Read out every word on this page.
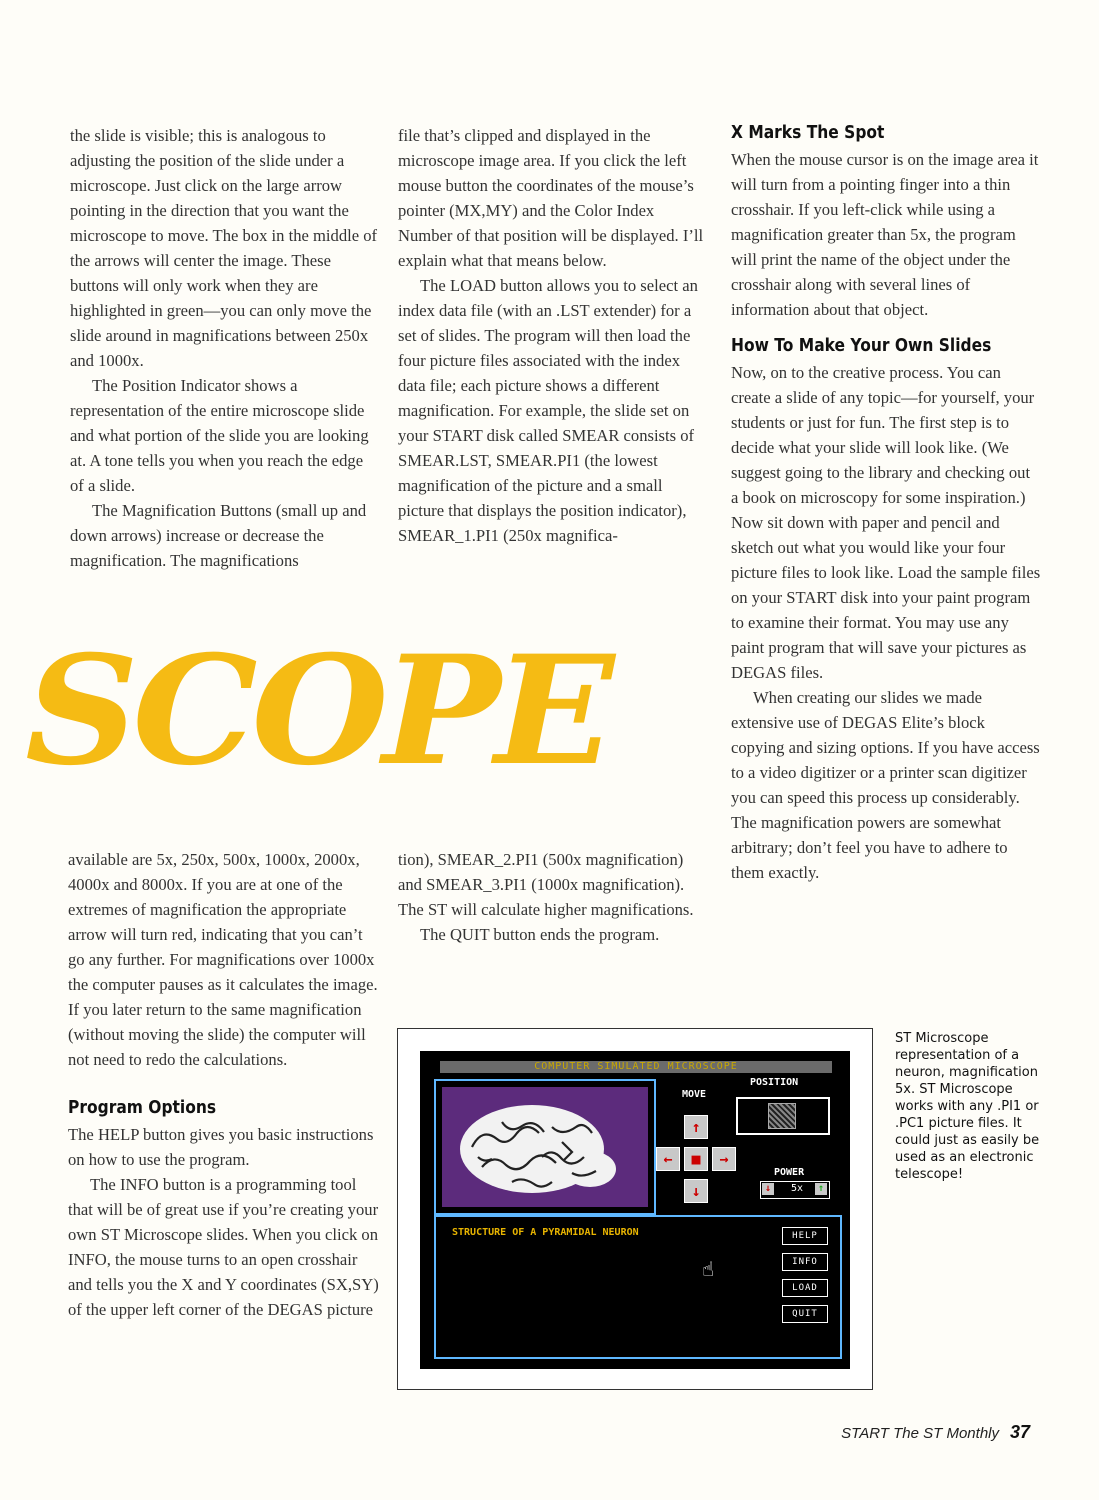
the slide is visible; this is analogous to adjusting the position of the slide under a microscope. Just click on the large arrow pointing in the direction that you want the microscope to move. The box in the middle of the arrows will center the image. These buttons will only work when they are highlighted in green—you can only move the slide around in magnifications between 250x and 1000x.

The Position Indicator shows a representation of the entire microscope slide and what portion of the slide you are looking at. A tone tells you when you reach the edge of a slide.

The Magnification Buttons (small up and down arrows) increase or decrease the magnification. The magnifications

file that’s clipped and displayed in the microscope image area. If you click the left mouse button the coordinates of the mouse’s pointer (MX,MY) and the Color Index Number of that position will be displayed. I’ll explain what that means below.

The LOAD button allows you to select an index data file (with an .LST extender) for a set of slides. The program will then load the four picture files associated with the index data file; each picture shows a different magnification. For example, the slide set on your START disk called SMEAR consists of SMEAR.LST, SMEAR.PI1 (the lowest magnification of the picture and a small picture that displays the position indicator), SMEAR_1.PI1 (250x magnifica-

X Marks The Spot

When the mouse cursor is on the image area it will turn from a pointing finger into a thin crosshair. If you left-click while using a magnification greater than 5x, the program will print the name of the object under the crosshair along with several lines of information about that object.

How To Make Your Own Slides

Now, on to the creative process. You can create a slide of any topic—for yourself, your students or just for fun. The first step is to decide what your slide will look like. (We suggest going to the library and checking out a book on microscopy for some inspiration.) Now sit down with paper and pencil and sketch out what you would like your four picture files to look like. Load the sample files on your START disk into your paint program to examine their format. You may use any paint program that will save your pictures as DEGAS files.

When creating our slides we made extensive use of DEGAS Elite’s block copying and sizing options. If you have access to a video digitizer or a printer scan digitizer you can speed this process up considerably. The magnification powers are somewhat arbitrary; don’t feel you have to adhere to them exactly.

SCOPE

available are 5x, 250x, 500x, 1000x, 2000x, 4000x and 8000x. If you are at one of the extremes of magnification the appropriate arrow will turn red, indicating that you can’t go any further. For magnifications over 1000x the computer pauses as it calculates the image. If you later return to the same magnification (without moving the slide) the computer will not need to redo the calculations.

Program Options

The HELP button gives you basic instructions on how to use the program.

The INFO button is a programming tool that will be of great use if you’re creating your own ST Microscope slides. When you click on INFO, the mouse turns to an open crosshair and tells you the X and Y coordinates (SX,SY) of the upper left corner of the DEGAS picture

tion), SMEAR_2.PI1 (500x magnification) and SMEAR_3.PI1 (1000x magnification). The ST will calculate higher magnifications.

The QUIT button ends the program.

COMPUTER SIMULATED MICROSCOPE
MOVE
↑
←	■	→
↓
POSITION
POWER
↓ 5x ↑
STRUCTURE OF A PYRAMIDAL NEURON
☝
HELP
INFO
LOAD
QUIT
ST Microscope representation of a neuron, magnification 5x. ST Microscope works with any .PI1 or .PC1 picture files. It could just as easily be used as an electronic telescope!
START The ST Monthly 37
